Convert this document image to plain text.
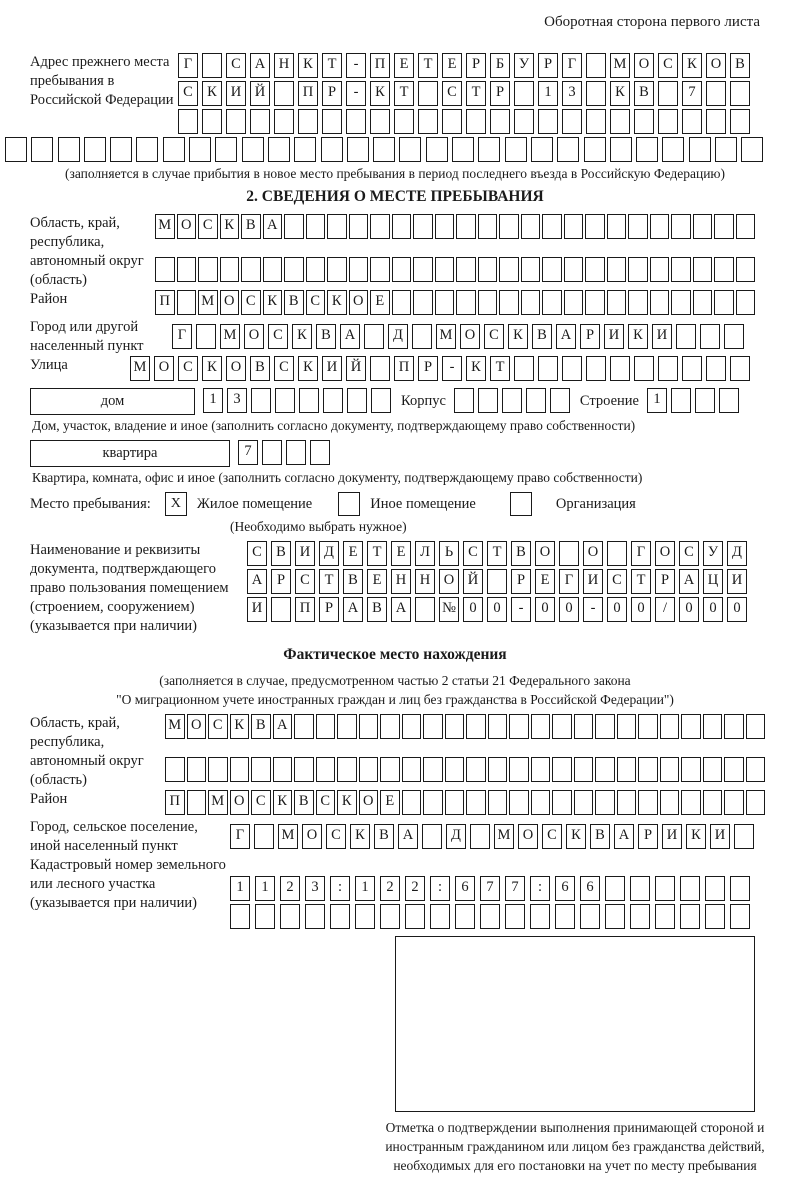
Оборотная сторона первого листа
Адрес прежнего места пребывания в Российской Федерации
Г	С А Н К Т - П Е Т Е Р Б У Р Г	М О С К О В
С К И Й	П Р - К Т	С Т Р	1 3	К В	7
(заполняется в случае прибытия в новое место пребывания в период последнего въезда в Российскую Федерацию)
2. СВЕДЕНИЯ О МЕСТЕ ПРЕБЫВАНИЯ
Область, край, республика, автономный округ (область)
М О С К В А
Район	П М О С К В С К О Е
Город или другой населенный пункт
Г	М О С К В А	Д	М О С К В А Р И К И
Улица	М О С К О В С К И Й	П Р - К Т
дом	1 3	Корпус	Строение 1
Дом, участок, владение и иное (заполнить согласно документу, подтверждающему право собственности)
квартира	7
Квартира, комната, офис и иное (заполнить согласно документу, подтверждающему право собственности)
Место пребывания:	X	Жилое помещение	Иное помещение	Организация
(Необходимо выбрать нужное)
Наименование и реквизиты документа, подтверждающего право пользования помещением (строением, сооружением) (указывается при наличии)
С В И Д Е Т Е Л Ь С Т В О	О	Г О С У Д
А Р С Т В Е Н Н О Й	Р Е Г И С Т Р А Ц И
И	П Р А В А № 0 0 - 0 0 - 0 0 / 0 0 0
Фактическое место нахождения
(заполняется в случае, предусмотренном частью 2 статьи 21 Федерального закона
"О миграционном учете иностранных граждан и лиц без гражданства в Российской Федерации")
Область, край, республика, автономный округ (область)
М О С К В А
Район	П М О С К В С К О Е
Город, сельское поселение, иной населенный пункт
Г	М О С К В А	Д	М О С К В А Р И К И
Кадастровый номер земельного или лесного участка (указывается при наличии)
1 1 2 3 : 1 2 2 : 6 7 7 : 6 6
Отметка о подтверждении выполнения принимающей стороной и иностранным гражданином или лицом без гражданства действий, необходимых для его постановки на учет по месту пребывания
